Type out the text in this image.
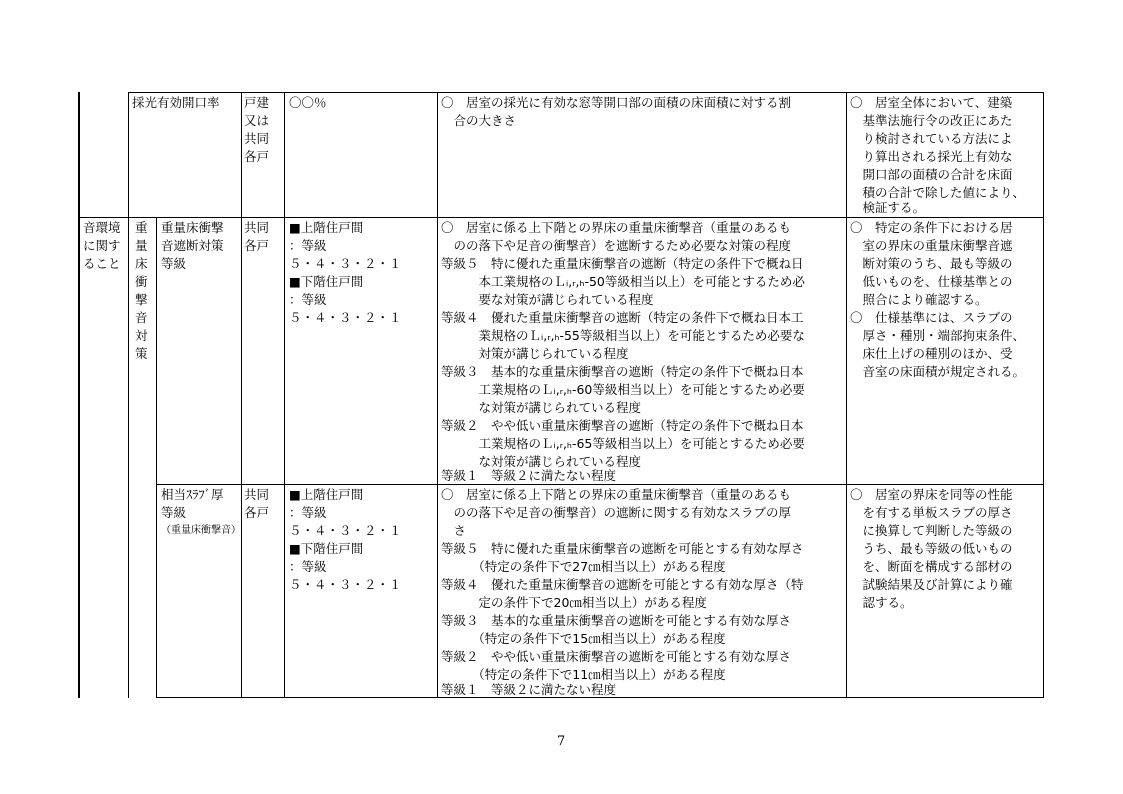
採光有効開口率 戸建
又は
共同
各戸
〇〇％	〇　居室の採光に有効な窓等開口部の面積の床面積に対する割
　合の大きさ
〇　居室全体において、建築
　基準法施行令の改正にあた
　り検討されている方法によ
　り算出される採光上有効な
　開口部の面積の合計を床面
　積の合計で除した値により、
　検証する。
音環境
に関す
ること
重
量
床
衝
撃
音
対
策
重量床衝撃
音遮断対策
等級
共同
各戸
■上階住戸間
：等級
５・４・３・２・１
■下階住戸間
：等級
５・４・３・２・１
〇　居室に係る上下階との界床の重量床衝撃音（重量のあるも
　のの落下や足音の衝撃音）を遮断するため必要な対策の程度
等級５　特に優れた重量床衝撃音の遮断（特定の条件下で概ね日
　　　本工業規格のＬᵢ,ᵣ,ₕ-50等級相当以上）を可能とするため必
　　　要な対策が講じられている程度
等級４　優れた重量床衝撃音の遮断（特定の条件下で概ね日本工
　　　業規格のＬᵢ,ᵣ,ₕ-55等級相当以上）を可能とするため必要な
　　　対策が講じられている程度
等級３　基本的な重量床衝撃音の遮断（特定の条件下で概ね日本
　　　工業規格のＬᵢ,ᵣ,ₕ-60等級相当以上）を可能とするため必要
　　　な対策が講じられている程度
等級２　やや低い重量床衝撃音の遮断（特定の条件下で概ね日本
　　　工業規格のＬᵢ,ᵣ,ₕ-65等級相当以上）を可能とするため必要
　　　な対策が講じられている程度
等級１　等級２に満たない程度
〇　特定の条件下における居
　室の界床の重量床衝撃音遮
　断対策のうち、最も等級の
　低いものを、仕様基準との
　照合により確認する。
〇　仕様基準には、スラブの
　厚さ・種別・端部拘束条件、
　床仕上げの種別のほか、受
　音室の床面積が規定される。
相当ｽﾗﾌﾞ厚
等級
（重量床衝撃音）
共同
各戸
■上階住戸間
：等級
５・４・３・２・１
■下階住戸間
：等級
５・４・３・２・１
〇　居室に係る上下階との界床の重量床衝撃音（重量のあるも
　のの落下や足音の衝撃音）の遮断に関する有効なスラブの厚
　さ
等級５　特に優れた重量床衝撃音の遮断を可能とする有効な厚さ
　　　（特定の条件下で27㎝相当以上）がある程度
等級４　優れた重量床衝撃音の遮断を可能とする有効な厚さ（特
　　　定の条件下で20㎝相当以上）がある程度
等級３　基本的な重量床衝撃音の遮断を可能とする有効な厚さ
　　　（特定の条件下で15㎝相当以上）がある程度
等級２　やや低い重量床衝撃音の遮断を可能とする有効な厚さ
　　　（特定の条件下で11㎝相当以上）がある程度
等級１　等級２に満たない程度
〇　居室の界床を同等の性能
　を有する単板スラブの厚さ
　に換算して判断した等級の
　うち、最も等級の低いもの
　を、断面を構成する部材の
　試験結果及び計算により確
　認する。
7
